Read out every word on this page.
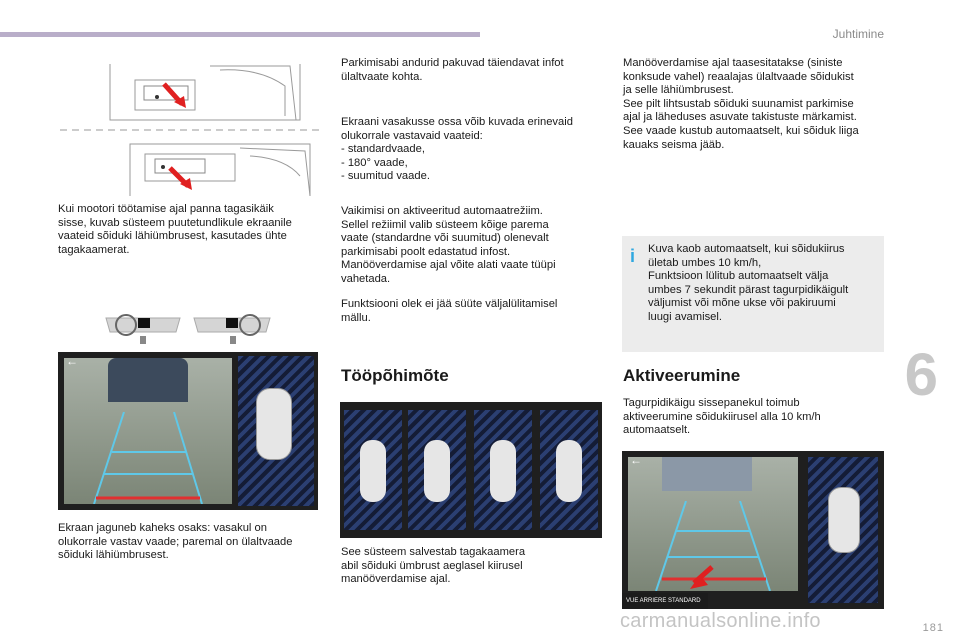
Juhtimine
Kui mootori töötamise ajal panna tagasikäik
sisse, kuvab süsteem puutetundlikule ekraanile
vaateid sõiduki lähiümbrusest, kasutades ühte
tagakaamerat.
←
Ekraan jaguneb kaheks osaks: vasakul on
olukorrale vastav vaade; paremal on ülaltvaade
sõiduki lähiümbrusest.
Parkimisabi andurid pakuvad täiendavat infot
ülaltvaate kohta.
Ekraani vasakusse ossa võib kuvada erinevaid
olukorrale vastavaid vaateid:
- standardvaade,
- 180° vaade,
- suumitud vaade.
Vaikimisi on aktiveeritud automaatrežiim.
Sellel režiimil valib süsteem kõige parema
vaate (standardne või suumitud) olenevalt
parkimisabi poolt edastatud infost.
Manööverdamise ajal võite alati vaate tüüpi
vahetada.
Funktsiooni olek ei jää süüte väljalülitamisel
mällu.
Tööpõhimõte
See süsteem salvestab tagakaamera
abil sõiduki ümbrust aeglasel kiirusel
manööverdamise ajal.
Manööverdamise ajal taasesitatakse (siniste
konksude vahel) reaalajas ülaltvaade sõidukist
ja selle lähiümbrusest.
See pilt lihtsustab sõiduki suunamist parkimise
ajal ja läheduses asuvate takistuste märkamist.
See vaade kustub automaatselt, kui sõiduk liiga
kauaks seisma jääb.
i Kuva kaob automaatselt, kui sõidukiirus
ületab umbes 10 km/h,
Funktsioon lülitub automaatselt välja
umbes 7 sekundit pärast tagurpidikäigult
väljumist või mõne ukse või pakiruumi
luugi avamisel.
Aktiveerumine
Tagurpidikäigu sissepanekul toimub
aktiveerumine sõidukiirusel alla 10 km/h
automaatselt.
←
VUE ARRIERE STANDARD
6
181
carmanualsonline.info
